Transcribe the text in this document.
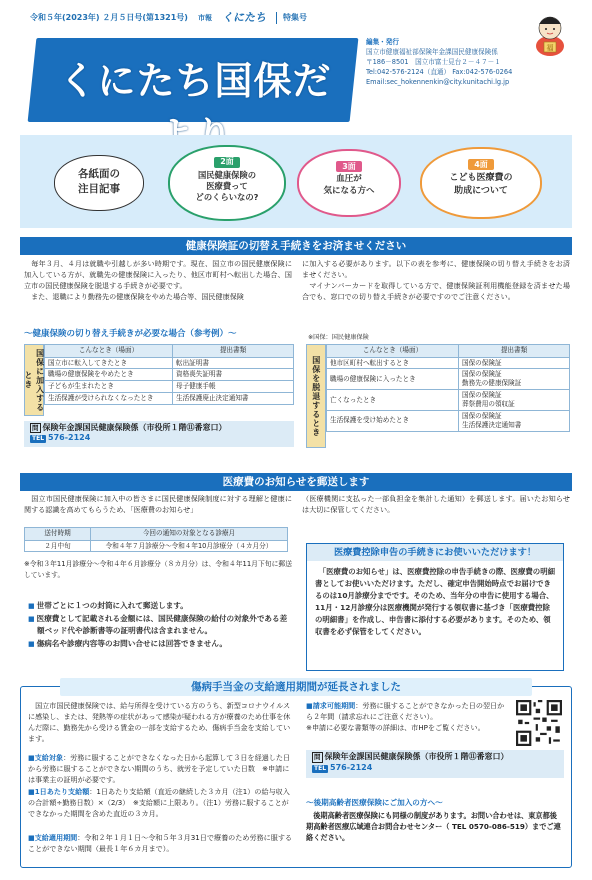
令和５年(2023年) ２月５日号(第1321号) 市報 くにたち	特集号
くにたち国保だ
編集・発行
国立市健康福祉部保険年金課国民健康保険係
〒186－8501　国立市富士見台２－４７－１
Tel:042-576-2124（直通） Fax:042-576-0264
Email:sec_hokennenkin@city.kunitachi.lg.jp
福
各紙面の
注目記事
2面
国民健康保険の
医療費って
どのくらいなの?
3面
血圧が
気になる方へ
4面
こども医療費の
助成について
健康保険証の切替え手続きをお済ませください
　毎年３月、４月は就職や引越しが多い時期です。現在、国立市の国民健康保険に加入している方が、就職先の健康保険に入ったり、他区市町村へ転出した場合、国立市の国民健康保険を脱退する手続きが必要です。
　また、退職により勤務先の健康保険をやめた場合等、国民健康保険
に加入する必要があります。以下の表を参考に、健康保険の切り替え手続きをお済ませください。
　マイナンバーカードを取得している方で、健康保険証利用機能登録を済ませた場合でも、窓口での切り替え手続きが必要ですのでご注意ください。
～健康保険の切り替え手続きが必要な場合（参考例）～	※国保：国民健康保険
国保に加入するとき
こんなとき（場面）	提出書類
国立市に転入してきたとき	転出証明書
職場の健康保険をやめたとき	資格喪失証明書
子どもが生まれたとき	母子健康手帳
生活保護が受けられなくなったとき	生活保護廃止決定通知書
問 保険年金課国民健康保険係（市役所１階⑪番窓口）
TEL 576-2124
国保を脱退するとき
こんなとき（場面）	提出書類
他市区町村へ転出するとき	国保の保険証

職場の健康保険に入ったとき	国保の保険証
勤務先の健康保険証

亡くなったとき	国保の保険証
葬祭費用の領収証

生活保護を受け始めたとき	国保の保険証
生活保護決定通知書
医療費のお知らせを郵送します
　国立市国民健康保険に加入中の皆さまに国民健康保険制度に対する理解と健康に関する認識を高めてもらうため、「医療費のお知らせ」
（医療機関に支払った一部負担金を集計した通知）を郵送します。届いたお知らせは大切に保管してください。
送付時期	今回の通知の対象となる診療月
２月中旬	令和４年７月診療分～令和４年10月診療分（４カ月分）
※令和３年11月診療分～令和４年６月診療分（８カ月分）は、令和４年11月下旬に郵送しています。
■ 世帯ごとに１つの封筒に入れて郵送します。
■ 医療費として記載される金額には、国民健康保険の給付の対象外である差額ベッド代や診断書等の証明書代は含まれません。
■ 傷病名や診療内容等のお問い合せには回答できません。
医療費控除申告の手続きにお使いいただけます！
　「医療費のお知らせ」は、医療費控除の申告手続きの際、医療費の明細書としてお使いいただけます。ただし、確定申告開始時点でお届けできるのは10月診療分までです。そのため、当年分の申告に使用する場合、11月・12月診療分は医療機関が発行する領収書に基づき「医療費控除の明細書」を作成し、申告書に添付する必要があります。そのため、領収書を必ず保管をしてください。
傷病手当金の支給適用期間が延長されました
　国立市国民健康保険では、給与所得を受けている方のうち、新型コロナウイルスに感染し、または、発熱等の症状があって感染が疑われる方が療養のため仕事を休んだ際に、勤務先から受ける賃金の一部を支給するため、傷病手当金を支給しています。
■支給対象：労務に服することができなくなった日から起算して３日を経過した日から労務に服することができない期間のうち、就労を予定していた日数　※申請には事業主の証明が必要です。
■1日あたり支給額：1日あたり支給額（直近の継続した３カ月（注1）の給与収入の合計額÷勤務日数）×（2/3）　※支給額に上限あり。（注1）労務に服することができなかった期間を含めた直近の３カ月。
■支給適用期間：令和２年１月１日～令和５年３月31日で療養のため労務に服することができない期間（最長１年６カ月まで）。
■請求可能期間：労務に服することができなかった日の翌日から２年間（請求忘れにご注意ください）。
※申請に必要な書類等の詳細は、市HPをご覧ください。
問 保険年金課国民健康保険係（市役所１階⑪番窓口）
TEL 576-2124
～後期高齢者医療保険にご加入の方へ～
　後期高齢者医療保険にも同様の制度があります。お問い合わせは、東京都後期高齢者医療広域連合お問合わせセンター（ TEL 0570-086-519）までご連絡ください。
